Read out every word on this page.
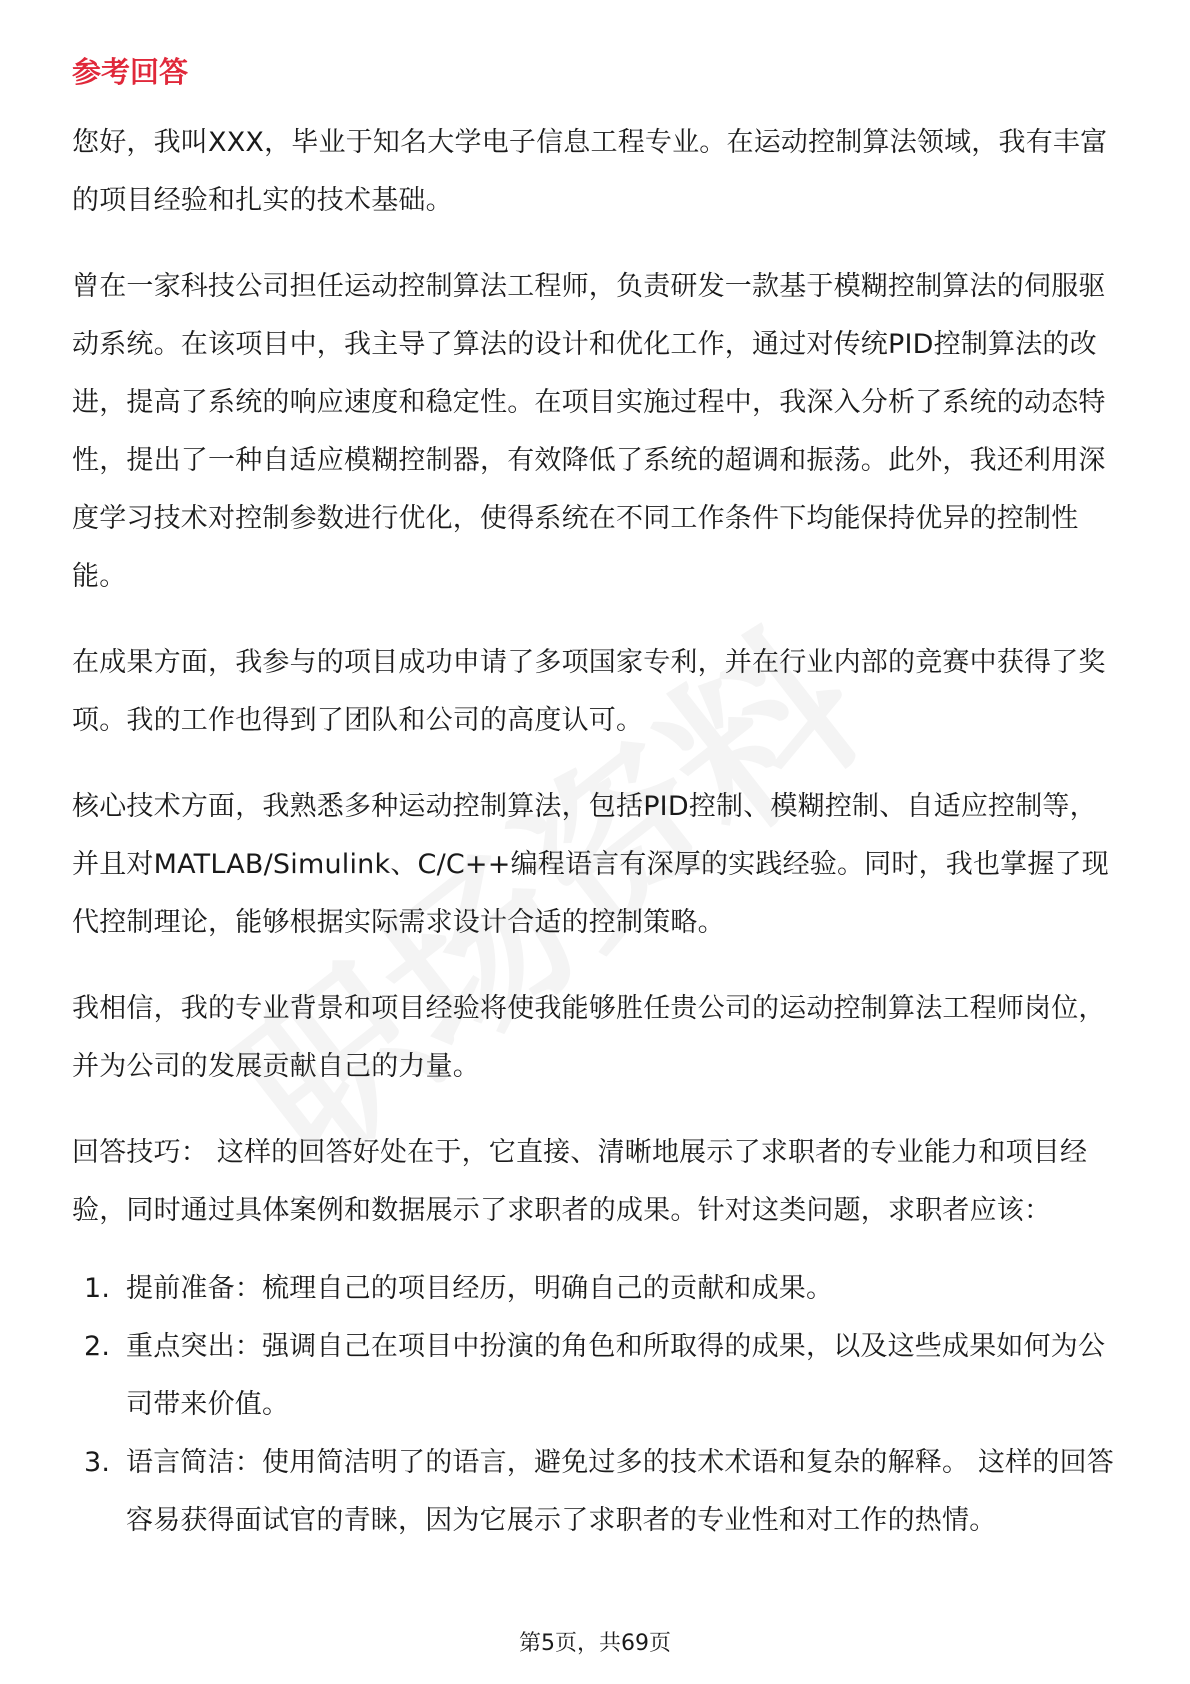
参考回答

您好，我叫XXX，毕业于知名大学电子信息工程专业。在运动控制算法领域，我有丰富的项目经验和扎实的技术基础。

曾在一家科技公司担任运动控制算法工程师，负责研发一款基于模糊控制算法的伺服驱动系统。在该项目中，我主导了算法的设计和优化工作，通过对传统PID控制算法的改进，提高了系统的响应速度和稳定性。在项目实施过程中，我深入分析了系统的动态特性，提出了一种自适应模糊控制器，有效降低了系统的超调和振荡。此外，我还利用深度学习技术对控制参数进行优化，使得系统在不同工作条件下均能保持优异的控制性能。

在成果方面，我参与的项目成功申请了多项国家专利，并在行业内部的竞赛中获得了奖项。我的工作也得到了团队和公司的高度认可。

核心技术方面，我熟悉多种运动控制算法，包括PID控制、模糊控制、自适应控制等，并且对MATLAB/Simulink、C/C++编程语言有深厚的实践经验。同时，我也掌握了现代控制理论，能够根据实际需求设计合适的控制策略。

我相信，我的专业背景和项目经验将使我能够胜任贵公司的运动控制算法工程师岗位，并为公司的发展贡献自己的力量。

回答技巧： 这样的回答好处在于，它直接、清晰地展示了求职者的专业能力和项目经验，同时通过具体案例和数据展示了求职者的成果。针对这类问题，求职者应该：

1. 提前准备：梳理自己的项目经历，明确自己的贡献和成果。
2. 重点突出：强调自己在项目中扮演的角色和所取得的成果，以及这些成果如何为公司带来价值。
3. 语言简洁：使用简洁明了的语言，避免过多的技术术语和复杂的解释。 这样的回答容易获得面试官的青睐，因为它展示了求职者的专业性和对工作的热情。
第5页，共69页
